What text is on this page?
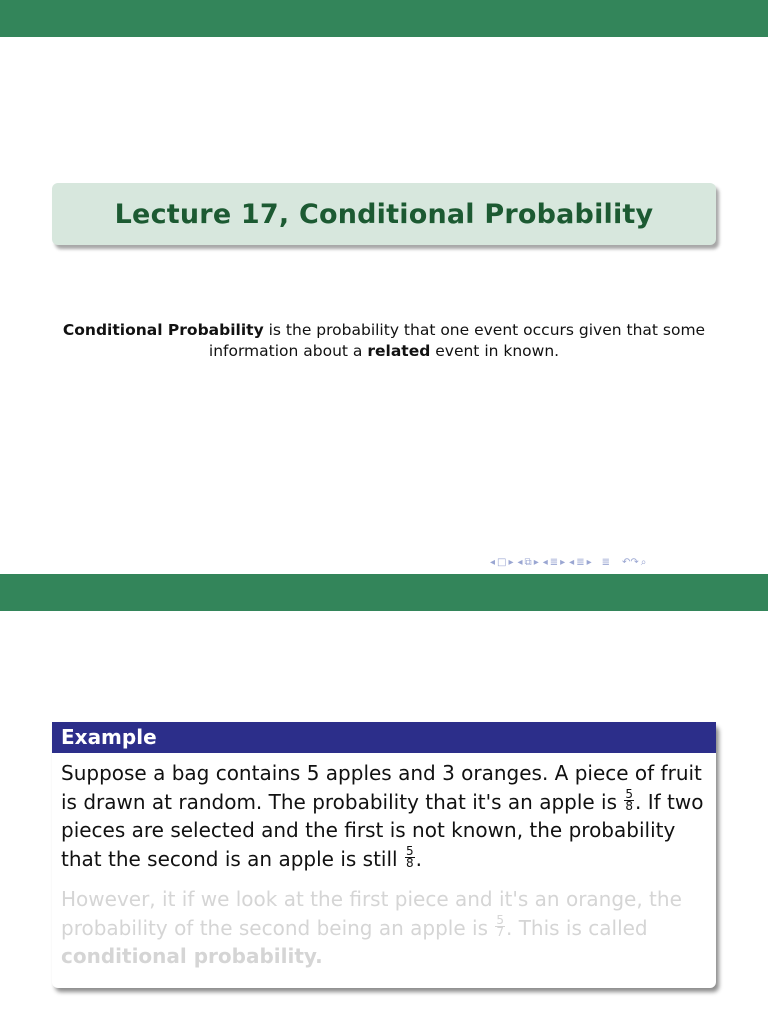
Lecture 17, Conditional Probability
Conditional Probability is the probability that one event occurs given that some information about a related event in known.
◂ □ ▸ ◂ ⧉ ▸ ◂ ≣ ▸ ◂ ≣ ▸ ≣ ↶↷ ⌕
Example

Suppose a bag contains 5 apples and 3 oranges. A piece of fruit is drawn at random. The probability that it's an apple is $\frac{5}{8}$ . If two pieces are selected and the first is not known, the probability that the second is an apple is still $\frac{5}{8}$ .

However, it if we look at the first piece and it's an orange, the probability of the second being an apple is $\frac{5}{7}$ . This is called conditional probability.
